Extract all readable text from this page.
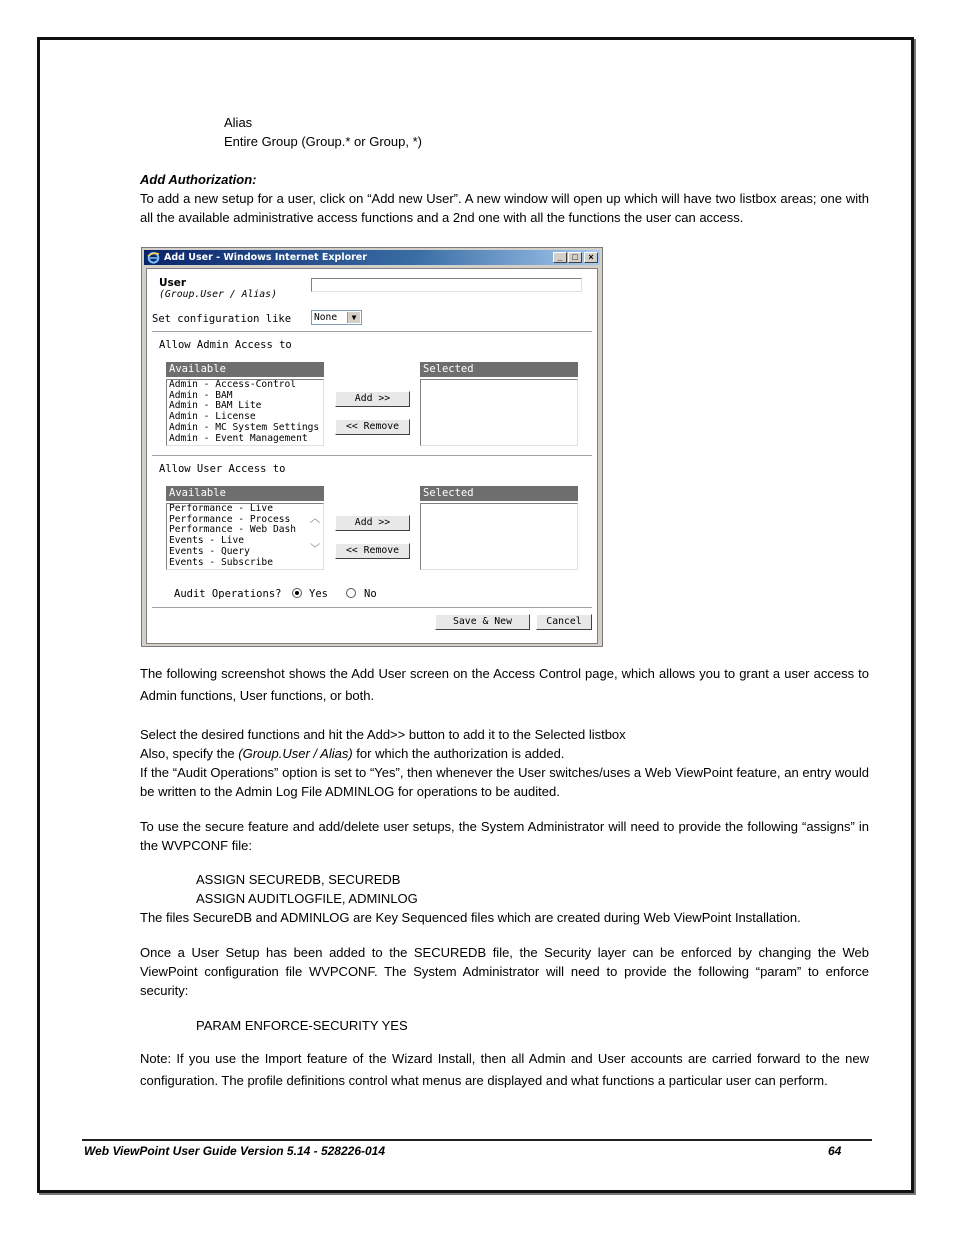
Alias
Entire Group (Group.* or Group, *)
Add Authorization:
To add a new setup for a user, click on “Add new User”. A new window will open up which will have two listbox areas; one with all the available administrative access functions and a 2nd one with all the functions the user can access.
Add User - Windows Internet Explorer	_	□	×
User
(Group.User / Alias)
Set configuration like	None	▼
Allow Admin Access to
Available
Admin - Access-Control
Admin - BAM
Admin - BAM Lite
Admin - License
Admin - MC System Settings
Admin - Event Management
Add >>
<< Remove
Selected
Allow User Access to
Available
Performance - Live
Performance - Process
Performance - Web Dash
Events - Live
Events - Query
Events - Subscribe
︿
﹀
Add >>
<< Remove
Selected
Audit Operations?	Yes	No
Save & New	Cancel
The following screenshot shows the Add User screen on the Access Control page, which allows you to grant a user access to Admin functions, User functions, or both.
Select the desired functions and hit the Add>> button to add it to the Selected listbox
Also, specify the (Group.User / Alias) for which the authorization is added.
If the “Audit Operations” option is set to “Yes”, then whenever the User switches/uses a Web ViewPoint feature, an entry would be written to the Admin Log File ADMINLOG for operations to be audited.
To use the secure feature and add/delete user setups, the System Administrator will need to provide the following “assigns” in the WVPCONF file:
ASSIGN SECUREDB, SECUREDB
ASSIGN AUDITLOGFILE, ADMINLOG
The files SecureDB and ADMINLOG are Key Sequenced files which are created during Web ViewPoint Installation.
Once a User Setup has been added to the SECUREDB file, the Security layer can be enforced by changing the Web ViewPoint configuration file WVPCONF. The System Administrator will need to provide the following “param” to enforce security:
PARAM ENFORCE-SECURITY YES
Note: If you use the Import feature of the Wizard Install, then all Admin and User accounts are carried forward to the new configuration. The profile definitions control what menus are displayed and what functions a particular user can perform.
Web ViewPoint User Guide Version 5.14 - 528226-014	64
